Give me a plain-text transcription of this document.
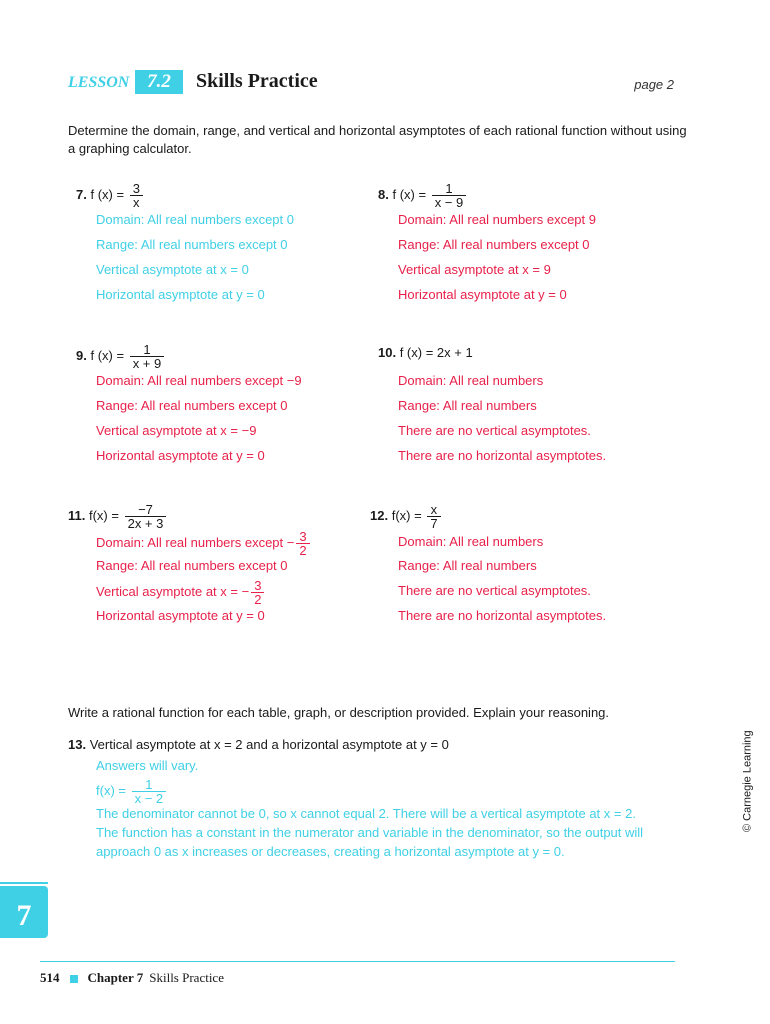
LESSON 7.2	Skills Practice	page 2
Determine the domain, range, and vertical and horizontal asymptotes of each rational function without using a graphing calculator.
7. f $(x) = \frac{3}{x}$
Domain: All real numbers except 0
Range: All real numbers except 0
Vertical asymptote at x = 0
Horizontal asymptote at y = 0
8. f $(x) = \frac{1}{x - 9}$
Domain: All real numbers except 9
Range: All real numbers except 0
Vertical asymptote at x = 9
Horizontal asymptote at y = 0
9. f $(x) = \frac{1}{x + 9}$
Domain: All real numbers except −9
Range: All real numbers except 0
Vertical asymptote at x = −9
Horizontal asymptote at y = 0
10. f (x) = 2x + 1
Domain: All real numbers
Range: All real numbers
There are no vertical asymptotes.
There are no horizontal asymptotes.
11. $f(x) = \frac{-7}{2x + 3}$
Domain: All real numbers except − $\frac{3}{2}$
Range: All real numbers except 0
Vertical asymptote at x = − $\frac{3}{2}$
Horizontal asymptote at y = 0
12. $f(x) = \frac{x}{7}$
Domain: All real numbers
Range: All real numbers
There are no vertical asymptotes.
There are no horizontal asymptotes.
Write a rational function for each table, graph, or description provided. Explain your reasoning.
13. Vertical asymptote at x = 2 and a horizontal asymptote at y = 0
Answers will vary.
$f(x) = \frac{1}{x - 2}$
The denominator cannot be 0, so x cannot equal 2. There will be a vertical asymptote at x = 2.
The function has a constant in the numerator and variable in the denominator, so the output will
approach 0 as x increases or decreases, creating a horizontal asymptote at y = 0.
© Carnegie Learning
7
514 Chapter 7 Skills Practice
